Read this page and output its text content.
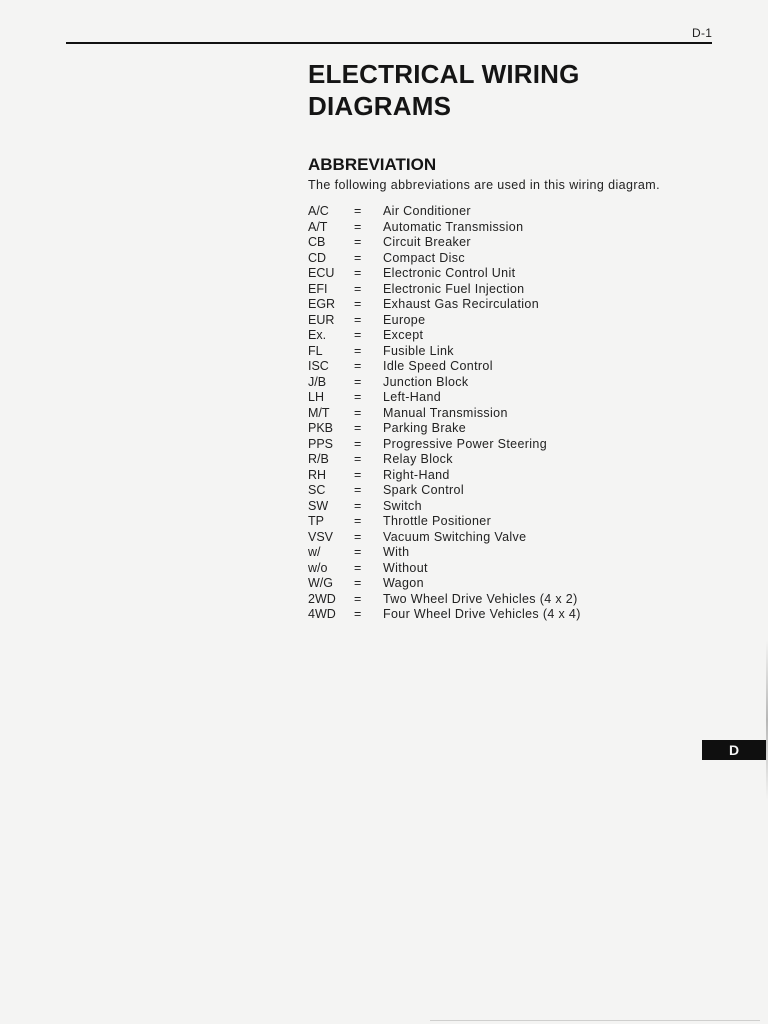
D-1
ELECTRICAL WIRING DIAGRAMS
ABBREVIATION

The following abbreviations are used in this wiring diagram.

A/C = Air Conditioner
A/T = Automatic Transmission
CB = Circuit Breaker
CD = Compact Disc
ECU = Electronic Control Unit
EFI = Electronic Fuel Injection
EGR = Exhaust Gas Recirculation
EUR = Europe
Ex. = Except
FL	= Fusible Link
ISC = Idle Speed Control
J/B = Junction Block
LH = Left-Hand
M/T = Manual Transmission
PKB = Parking Brake
PPS = Progressive Power Steering
R/B = Relay Block
RH = Right-Hand
SC = Spark Control
SW = Switch
TP = Throttle Positioner
VSV = Vacuum Switching Valve
w/	= With
w/o = Without
W/G = Wagon
2WD = Two Wheel Drive Vehicles (4 x 2)
4WD = Four Wheel Drive Vehicles (4 x 4)
D
